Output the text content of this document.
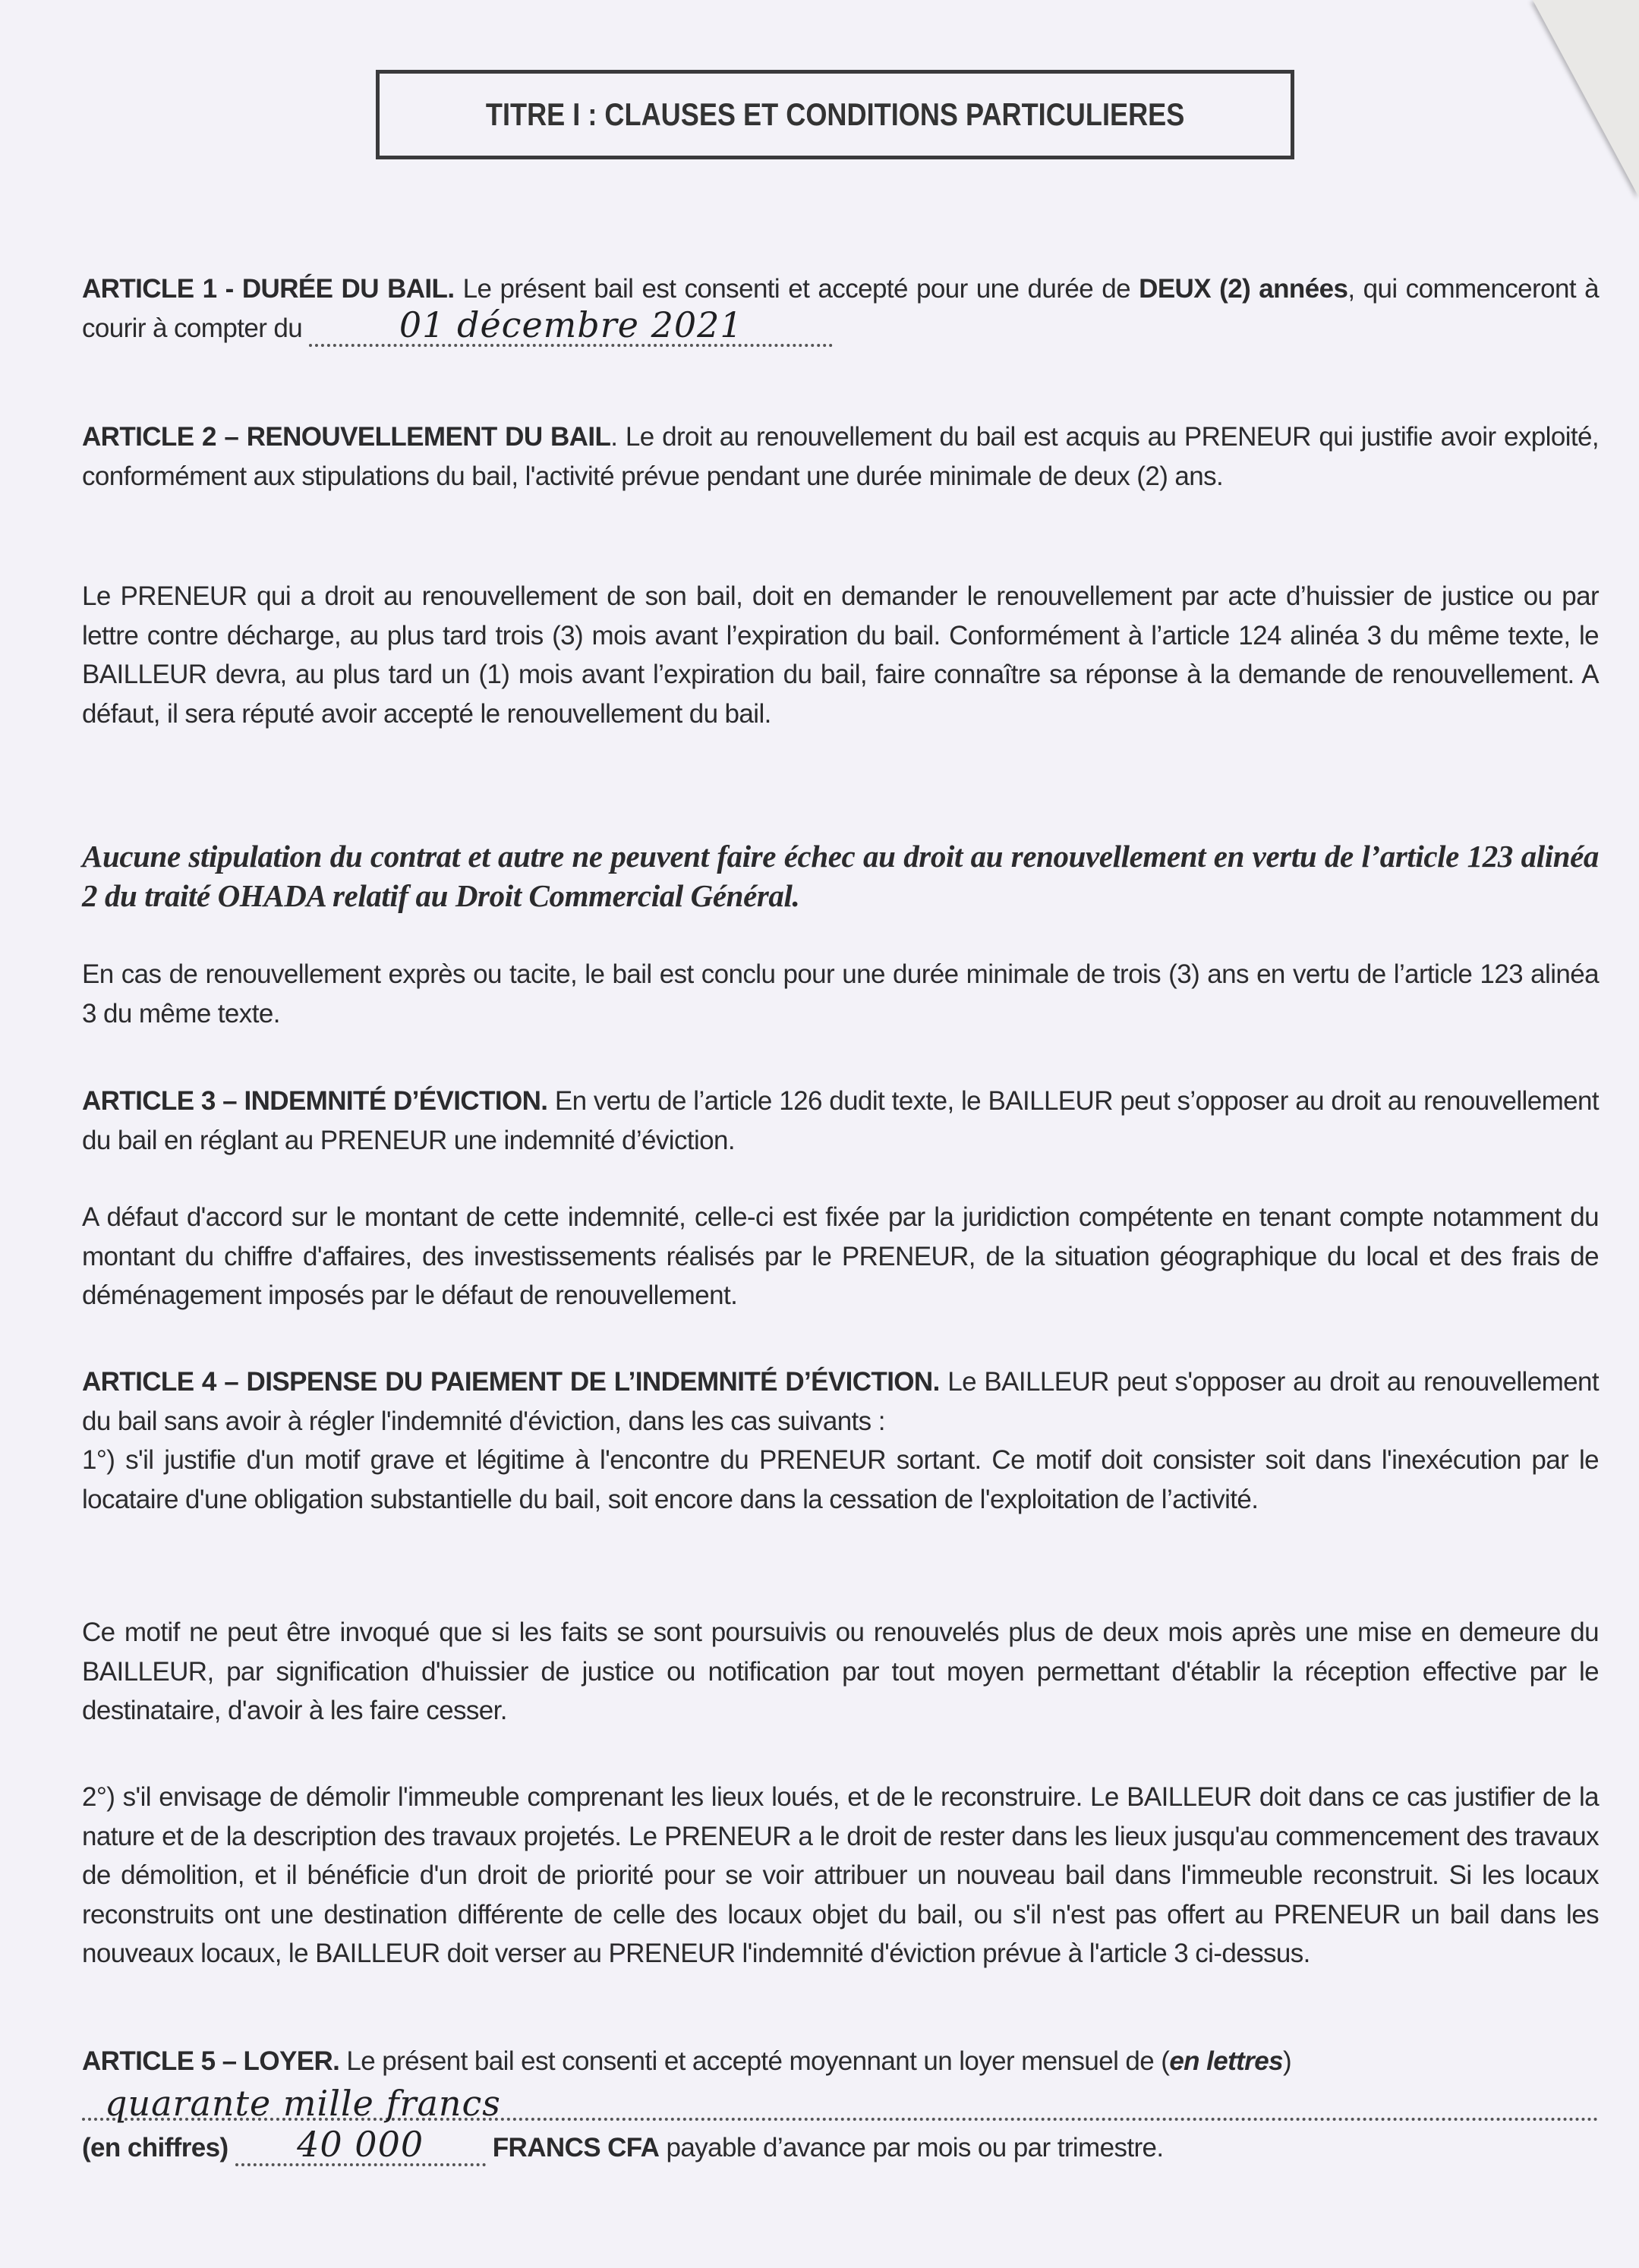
TITRE I : CLAUSES ET CONDITIONS PARTICULIERES
ARTICLE 1 - DURÉE DU BAIL. Le présent bail est consenti et accepté pour une durée de DEUX (2) années, qui commenceront à courir à compter du	01 décembre 2021
ARTICLE 2 – RENOUVELLEMENT DU BAIL. Le droit au renouvellement du bail est acquis au PRENEUR qui justifie avoir exploité, conformément aux stipulations du bail, l'activité prévue pendant une durée minimale de deux (2) ans.
Le PRENEUR qui a droit au renouvellement de son bail, doit en demander le renouvellement par acte d’huissier de justice ou par lettre contre décharge, au plus tard trois (3) mois avant l’expiration du bail. Conformément à l’article 124 alinéa 3 du même texte, le BAILLEUR devra, au plus tard un (1) mois avant l’expiration du bail, faire connaître sa réponse à la demande de renouvellement. A défaut, il sera réputé avoir accepté le renouvellement du bail.
Aucune stipulation du contrat et autre ne peuvent faire échec au droit au renouvellement en vertu de l’article 123 alinéa 2 du traité OHADA relatif au Droit Commercial Général.
En cas de renouvellement exprès ou tacite, le bail est conclu pour une durée minimale de trois (3) ans en vertu de l’article 123 alinéa 3 du même texte.
ARTICLE 3 – INDEMNITÉ D’ÉVICTION. En vertu de l’article 126 dudit texte, le BAILLEUR peut s’opposer au droit au renouvellement du bail en réglant au PRENEUR une indemnité d’éviction.
A défaut d'accord sur le montant de cette indemnité, celle-ci est fixée par la juridiction compétente en tenant compte notamment du montant du chiffre d'affaires, des investissements réalisés par le PRENEUR, de la situation géographique du local et des frais de déménagement imposés par le défaut de renouvellement.
ARTICLE 4 – DISPENSE DU PAIEMENT DE L’INDEMNITÉ D’ÉVICTION. Le BAILLEUR peut s'opposer au droit au renouvellement du bail sans avoir à régler l'indemnité d'éviction, dans les cas suivants :
1°) s'il justifie d'un motif grave et légitime à l'encontre du PRENEUR sortant. Ce motif doit consister soit dans l'inexécution par le locataire d'une obligation substantielle du bail, soit encore dans la cessation de l'exploitation de l’activité.
Ce motif ne peut être invoqué que si les faits se sont poursuivis ou renouvelés plus de deux mois après une mise en demeure du BAILLEUR, par signification d'huissier de justice ou notification par tout moyen permettant d'établir la réception effective par le destinataire, d'avoir à les faire cesser.
2°) s'il envisage de démolir l'immeuble comprenant les lieux loués, et de le reconstruire. Le BAILLEUR doit dans ce cas justifier de la nature et de la description des travaux projetés. Le PRENEUR a le droit de rester dans les lieux jusqu'au commencement des travaux de démolition, et il bénéficie d'un droit de priorité pour se voir attribuer un nouveau bail dans l'immeuble reconstruit. Si les locaux reconstruits ont une destination différente de celle des locaux objet du bail, ou s'il n'est pas offert au PRENEUR un bail dans les nouveaux locaux, le BAILLEUR doit verser au PRENEUR l'indemnité d'éviction prévue à l'article 3 ci-dessus.
ARTICLE 5 – LOYER. Le présent bail est consenti et accepté moyennant un loyer mensuel de (en lettres)
quarante mille francs
(en chiffres) 40 000	FRANCS CFA payable d’avance par mois ou par trimestre.
